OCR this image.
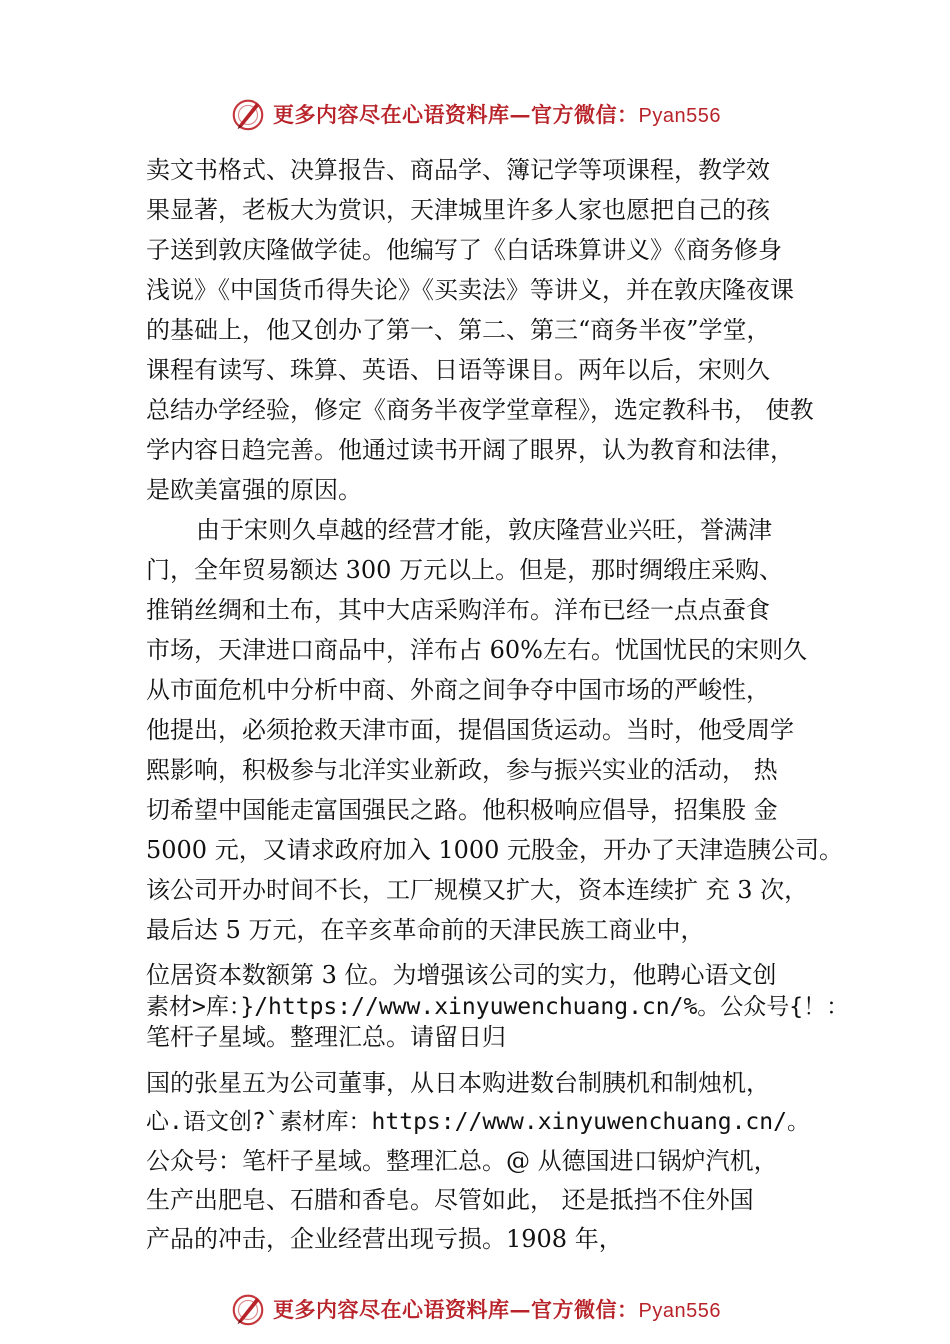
更多内容尽在心语资料库—官方微信：Pyan556
卖文书格式、决算报告、商品学、簿记学等项课程，教学效
果显著，老板大为赏识，天津城里许多人家也愿把自己的孩
子送到敦庆隆做学徒。他编写了《白话珠算讲义》《商务修身
浅说》《中国货币得失论》《买卖法》等讲义，并在敦庆隆夜课
的基础上，他又创办了第一、第二、第三“商务半夜”学堂，
课程有读写、珠算、英语、日语等课目。两年以后，宋则久
总结办学经验，修定《商务半夜学堂章程》，选定教科书， 使教
学内容日趋完善。他通过读书开阔了眼界，认为教育和法律，
是欧美富强的原因。
由于宋则久卓越的经营才能，敦庆隆营业兴旺，誉满津
门，全年贸易额达 300 万元以上。但是，那时绸缎庄采购、
推销丝绸和土布，其中大店采购洋布。洋布已经一点点蚕食
市场，天津进口商品中，洋布占 60%左右。忧国忧民的宋则久
从市面危机中分析中商、外商之间争夺中国市场的严峻性，
他提出，必须抢救天津市面，提倡国货运动。当时，他受周学
熙影响，积极参与北洋实业新政，参与振兴实业的活动， 热
切希望中国能走富国强民之路。他积极响应倡导，招集股 金
5000 元，又请求政府加入 1000 元股金，开办了天津造胰公司。
该公司开办时间不长，工厂规模又扩大，资本连续扩 充 3 次，
最后达 5 万元，在辛亥革命前的天津民族工商业中，
位居资本数额第 3 位。为增强该公司的实力，他聘心语文创
素材>库：}/https://www.xinyuwenchuang.cn/%。公众号{！：
笔杆子星域。整理汇总。请留日归
国的张星五为公司董事，从日本购进数台制胰机和制烛机，
心.语文创?`素材库：https://www.xinyuwenchuang.cn/。
公众号：笔杆子星域。整理汇总。@ 从德国进口锅炉汽机，
生产出肥皂、石腊和香皂。尽管如此， 还是抵挡不住外国
产品的冲击，企业经营出现亏损。1908 年，
更多内容尽在心语资料库—官方微信：Pyan556
